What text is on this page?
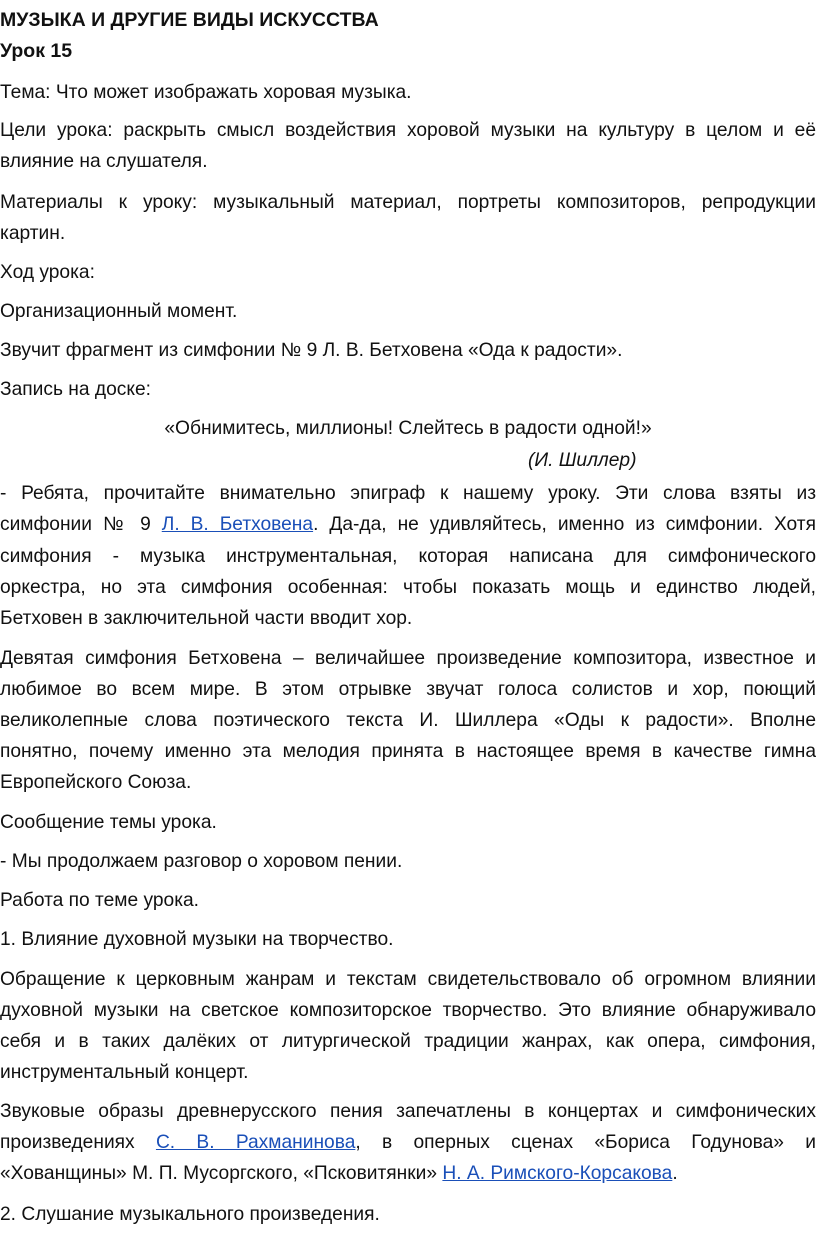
МУЗЫКА И ДРУГИЕ ВИДЫ ИСКУССТВА
Урок 15
Тема: Что может изображать хоровая музыка.
Цели урока: раскрыть смысл воздействия хоровой музыки на культуру в целом и её
влияние на слушателя.
Материалы к уроку: музыкальный материал, портреты композиторов, репродукции
картин.
Ход урока:
Организационный момент.
Звучит фрагмент из симфонии № 9 Л. В. Бетховена «Ода к радости».
Запись на доске:
«Обнимитесь, миллионы! Слейтесь в радости одной!»
(И. Шиллер)
- Ребята, прочитайте внимательно эпиграф к нашему уроку. Эти слова взяты из
симфонии № 9 Л. В. Бетховена. Да-да, не удивляйтесь, именно из симфонии. Хотя
симфония - музыка инструментальная, которая написана для симфонического
оркестра, но эта симфония особенная: чтобы показать мощь и единство людей,
Бетховен в заключительной части вводит хор.
Девятая симфония Бетховена – величайшее произведение композитора, известное и
любимое во всем мире. В этом отрывке звучат голоса солистов и хор, поющий
великолепные слова поэтического текста И. Шиллера «Оды к радости». Вполне
понятно, почему именно эта мелодия принята в настоящее время в качестве гимна
Европейского Союза.
Сообщение темы урока.
- Мы продолжаем разговор о хоровом пении.
Работа по теме урока.
1. Влияние духовной музыки на творчество.
Обращение к церковным жанрам и текстам свидетельствовало об огромном влиянии
духовной музыки на светское композиторское творчество. Это влияние обнаруживало
себя и в таких далёких от литургической традиции жанрах, как опера, симфония,
инструментальный концерт.
Звуковые образы древнерусского пения запечатлены в концертах и симфонических
произведениях С. В. Рахманинова, в оперных сценах «Бориса Годунова» и
«Хованщины» М. П. Мусоргского, «Псковитянки» Н. А. Римского-Корсакова.
2. Слушание музыкального произведения.
